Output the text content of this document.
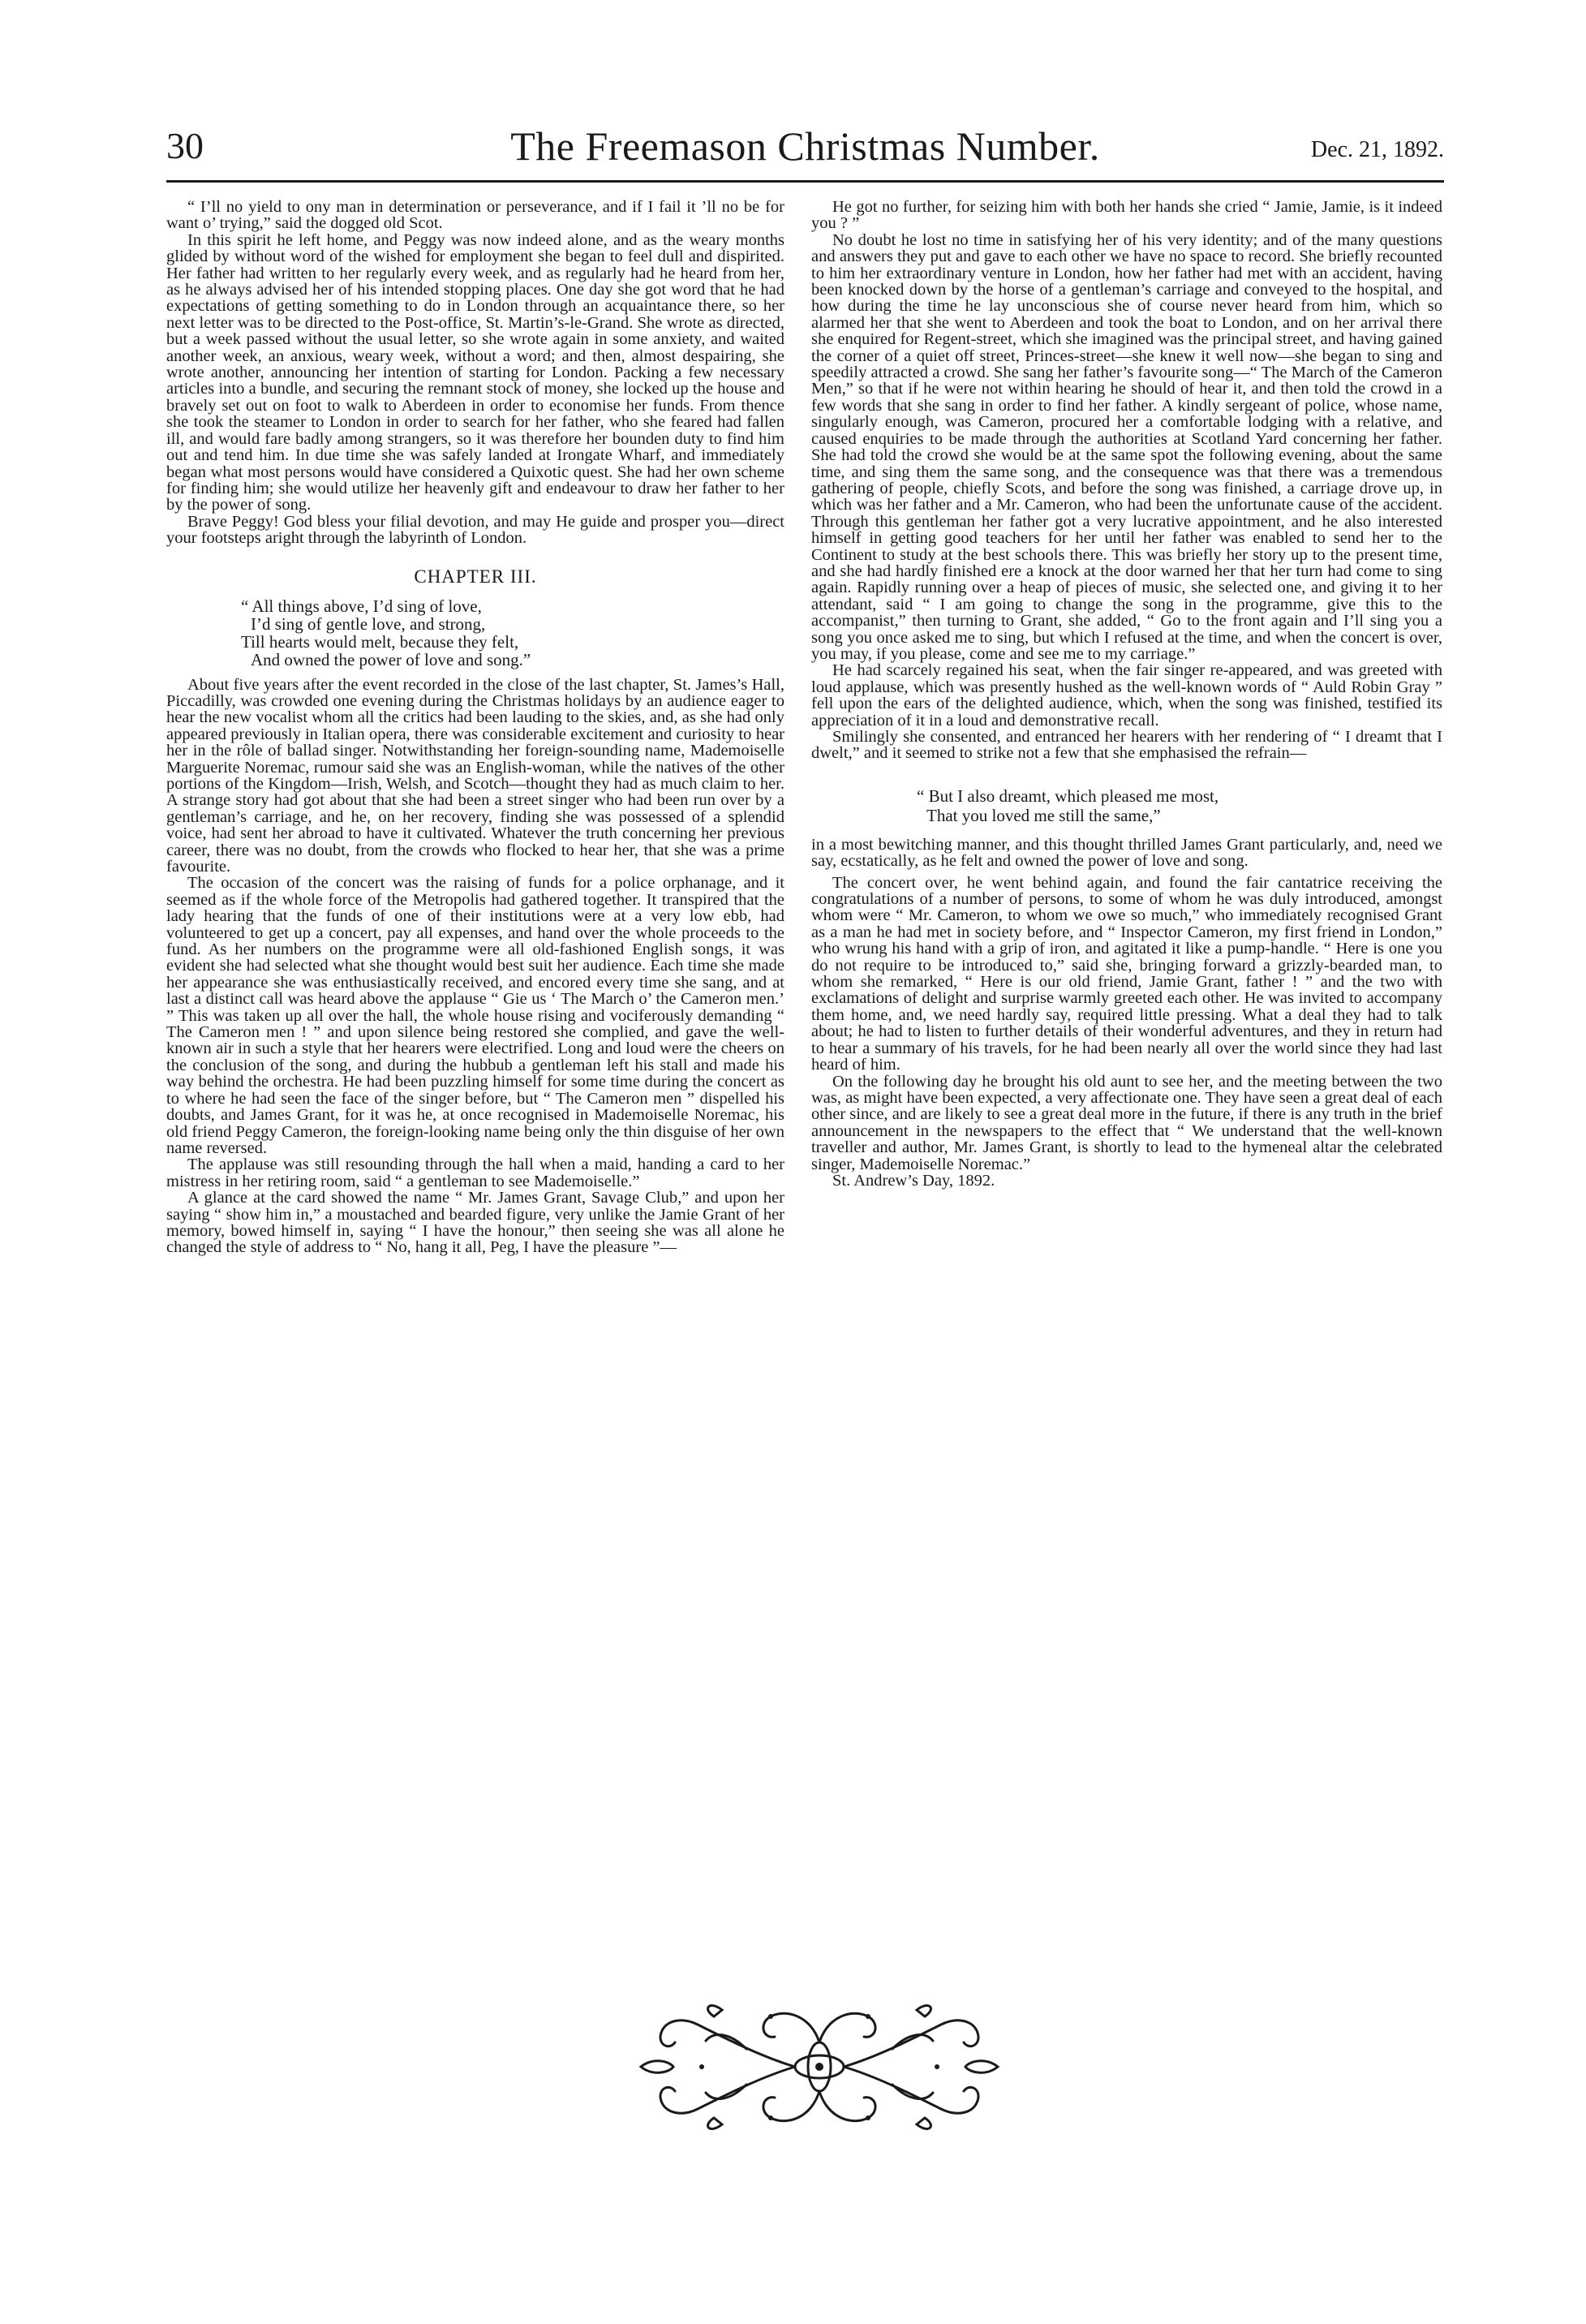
30	The Freemason Christmas Number.	Dec. 21, 1892.

“ I’ll no yield to ony man in determination or perseverance, and if I fail it ’ll no be for want o’ trying,” said the dogged old Scot.

In this spirit he left home, and Peggy was now indeed alone, and as the weary months glided by without word of the wished for employment she began to feel dull and dispirited. Her father had written to her regularly every week, and as regularly had he heard from her, as he always advised her of his intended stopping places. One day she got word that he had expectations of getting something to do in London through an acquaintance there, so her next letter was to be directed to the Post-office, St. Martin’s-le-Grand. She wrote as directed, but a week passed without the usual letter, so she wrote again in some anxiety, and waited another week, an anxious, weary week, without a word; and then, almost despairing, she wrote another, announcing her intention of starting for London. Packing a few necessary articles into a bundle, and securing the remnant stock of money, she locked up the house and bravely set out on foot to walk to Aberdeen in order to economise her funds. From thence she took the steamer to London in order to search for her father, who she feared had fallen ill, and would fare badly among strangers, so it was therefore her bounden duty to find him out and tend him. In due time she was safely landed at Irongate Wharf, and immediately began what most persons would have considered a Quixotic quest. She had her own scheme for finding him; she would utilize her heavenly gift and endeavour to draw her father to her by the power of song.

Brave Peggy! God bless your filial devotion, and may He guide and prosper you—direct your footsteps aright through the labyrinth of London.

CHAPTER III.
“ All things above, I’d sing of love,
I’d sing of gentle love, and strong,
Till hearts would melt, because they felt,
And owned the power of love and song.”

About five years after the event recorded in the close of the last chapter, St. James’s Hall, Piccadilly, was crowded one evening during the Christmas holidays by an audience eager to hear the new vocalist whom all the critics had been lauding to the skies, and, as she had only appeared previously in Italian opera, there was considerable excitement and curiosity to hear her in the rôle of ballad singer. Notwithstanding her foreign-sounding name, Mademoiselle Marguerite Noremac, rumour said she was an English-woman, while the natives of the other portions of the Kingdom—Irish, Welsh, and Scotch—thought they had as much claim to her. A strange story had got about that she had been a street singer who had been run over by a gentleman’s carriage, and he, on her recovery, finding she was possessed of a splendid voice, had sent her abroad to have it cultivated. Whatever the truth concerning her previous career, there was no doubt, from the crowds who flocked to hear her, that she was a prime favourite.

The occasion of the concert was the raising of funds for a police orphanage, and it seemed as if the whole force of the Metropolis had gathered together. It transpired that the lady hearing that the funds of one of their institutions were at a very low ebb, had volunteered to get up a concert, pay all expenses, and hand over the whole proceeds to the fund. As her numbers on the programme were all old-fashioned English songs, it was evident she had selected what she thought would best suit her audience. Each time she made her appearance she was enthusiastically received, and encored every time she sang, and at last a distinct call was heard above the applause “ Gie us ‘ The March o’ the Cameron men.’ ” This was taken up all over the hall, the whole house rising and vociferously demanding “ The Cameron men ! ” and upon silence being restored she complied, and gave the well-known air in such a style that her hearers were electrified. Long and loud were the cheers on the conclusion of the song, and during the hubbub a gentleman left his stall and made his way behind the orchestra. He had been puzzling himself for some time during the concert as to where he had seen the face of the singer before, but “ The Cameron men ” dispelled his doubts, and James Grant, for it was he, at once recognised in Mademoiselle Noremac, his old friend Peggy Cameron, the foreign-looking name being only the thin disguise of her own name reversed.

The applause was still resounding through the hall when a maid, handing a card to her mistress in her retiring room, said “ a gentleman to see Mademoiselle.”

A glance at the card showed the name “ Mr. James Grant, Savage Club,” and upon her saying “ show him in,” a moustached and bearded figure, very unlike the Jamie Grant of her memory, bowed himself in, saying “ I have the honour,” then seeing she was all alone he changed the style of address to “ No, hang it all, Peg, I have the pleasure ”—

He got no further, for seizing him with both her hands she cried “ Jamie, Jamie, is it indeed you ? ”

No doubt he lost no time in satisfying her of his very identity; and of the many questions and answers they put and gave to each other we have no space to record. She briefly recounted to him her extraordinary venture in London, how her father had met with an accident, having been knocked down by the horse of a gentleman’s carriage and conveyed to the hospital, and how during the time he lay unconscious she of course never heard from him, which so alarmed her that she went to Aberdeen and took the boat to London, and on her arrival there she enquired for Regent-street, which she imagined was the principal street, and having gained the corner of a quiet off street, Princes-street—she knew it well now—she began to sing and speedily attracted a crowd. She sang her father’s favourite song—“ The March of the Cameron Men,” so that if he were not within hearing he should of hear it, and then told the crowd in a few words that she sang in order to find her father. A kindly sergeant of police, whose name, singularly enough, was Cameron, procured her a comfortable lodging with a relative, and caused enquiries to be made through the authorities at Scotland Yard concerning her father. She had told the crowd she would be at the same spot the following evening, about the same time, and sing them the same song, and the consequence was that there was a tremendous gathering of people, chiefly Scots, and before the song was finished, a carriage drove up, in which was her father and a Mr. Cameron, who had been the unfortunate cause of the accident. Through this gentleman her father got a very lucrative appointment, and he also interested himself in getting good teachers for her until her father was enabled to send her to the Continent to study at the best schools there. This was briefly her story up to the present time, and she had hardly finished ere a knock at the door warned her that her turn had come to sing again. Rapidly running over a heap of pieces of music, she selected one, and giving it to her attendant, said “ I am going to change the song in the programme, give this to the accompanist,” then turning to Grant, she added, “ Go to the front again and I’ll sing you a song you once asked me to sing, but which I refused at the time, and when the concert is over, you may, if you please, come and see me to my carriage.”

He had scarcely regained his seat, when the fair singer re-appeared, and was greeted with loud applause, which was presently hushed as the well-known words of “ Auld Robin Gray ” fell upon the ears of the delighted audience, which, when the song was finished, testified its appreciation of it in a loud and demonstrative recall.

Smilingly she consented, and entranced her hearers with her rendering of “ I dreamt that I dwelt,” and it seemed to strike not a few that she emphasised the refrain—

“ But I also dreamt, which pleased me most,
That you loved me still the same,”

in a most bewitching manner, and this thought thrilled James Grant particularly, and, need we say, ecstatically, as he felt and owned the power of love and song.

The concert over, he went behind again, and found the fair cantatrice receiving the congratulations of a number of persons, to some of whom he was duly introduced, amongst whom were “ Mr. Cameron, to whom we owe so much,” who immediately recognised Grant as a man he had met in society before, and “ Inspector Cameron, my first friend in London,” who wrung his hand with a grip of iron, and agitated it like a pump-handle. “ Here is one you do not require to be introduced to,” said she, bringing forward a grizzly-bearded man, to whom she remarked, “ Here is our old friend, Jamie Grant, father ! ” and the two with exclamations of delight and surprise warmly greeted each other. He was invited to accompany them home, and, we need hardly say, required little pressing. What a deal they had to talk about; he had to listen to further details of their wonderful adventures, and they in return had to hear a summary of his travels, for he had been nearly all over the world since they had last heard of him.

On the following day he brought his old aunt to see her, and the meeting between the two was, as might have been expected, a very affectionate one. They have seen a great deal of each other since, and are likely to see a great deal more in the future, if there is any truth in the brief announcement in the newspapers to the effect that “ We understand that the well-known traveller and author, Mr. James Grant, is shortly to lead to the hymeneal altar the celebrated singer, Mademoiselle Noremac.”

St. Andrew’s Day, 1892.
